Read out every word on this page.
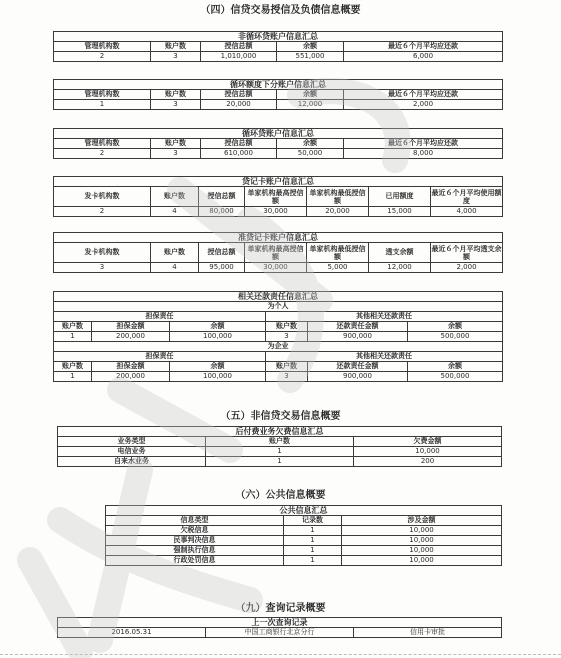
（四）信贷交易授信及负债信息概要
非循环贷账户信息汇总				
管理机构数	账户数	授信总额	余额	最近６个月平均应还款
2	3	1,010,000	551,000	6,000
循环额度下分账户信息汇总				
管理机构数	账户数	授信总额	余额	最近６个月平均应还款
1	3	20,000	12,000	2,000
循环贷账户信息汇总				
管理机构数	账户数	授信总额	余额	最近６个月平均应还款
2	3	610,000	50,000	8,000
贷记卡账户信息汇总						
发卡机构数	账户数	授信总额	单家机构最高授信额	单家机构最低授信额	已用额度	最近６个月平均使用额度
2	4	80,000	30,000	20,000	15,000	4,000
准贷记卡账户信息汇总						
发卡机构数	账户数	授信总额	单家机构最高授信额	单家机构最低授信额	透支余额	最近６个月平均透支余额
3	4	95,000	30,000	5,000	12,000	2,000
相关还款责任信息汇总					
为个人					
担保责任			其他相关还款责任		
账户数	担保金额	余额	账户数	还款责任金额	余额
1	200,000	100,000	3	900,000	500,000
为企业					
担保责任			其他相关还款责任		
账户数	担保金额	余额	账户数	还款责任金额	余额
1	200,000	100,000	3	900,000	500,000
（五）非信贷交易信息概要
后付费业务欠费信息汇总		
业务类型	账户数	欠费金额
电信业务	1	10,000
自来水业务	1	200
（六）公共信息概要
公共信息汇总		
信息类型	记录数	涉及金额
欠税信息	1	10,000
民事判决信息	1	10,000
强制执行信息	1	10,000
行政处罚信息	1	10,000
（九）查询记录概要
上一次查询记录
2016.05.31	中国工商银行北京分行	信用卡审批
